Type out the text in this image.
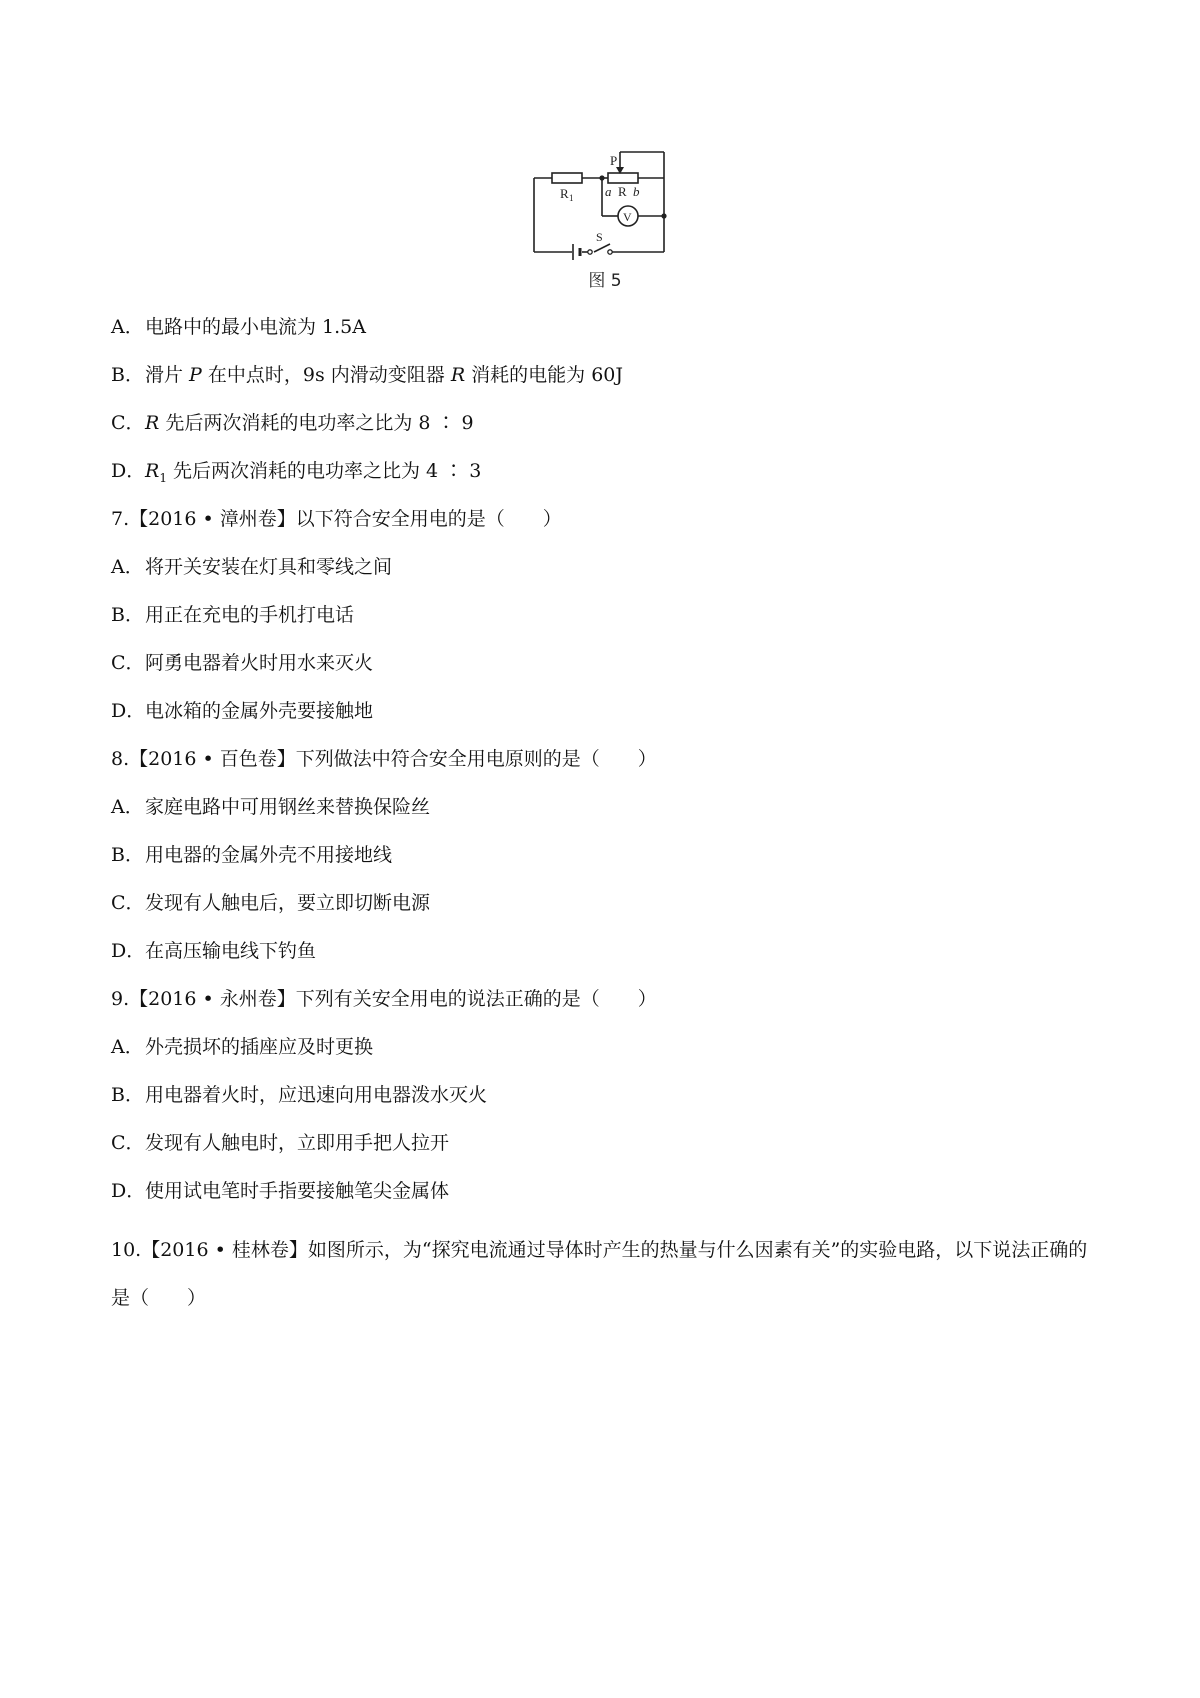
R 1
P
a R b
V
S
图 5
A． 电路中的最小电流为 1.5A
B． 滑片 P 在中点时，9s 内滑动变阻器 R 消耗的电能为 60J
C． R 先后两次消耗的电功率之比为 8 ∶ 9
D． $R_1$ 先后两次消耗的电功率之比为 4 ∶ 3
7.【2016 • 漳州卷】以下符合安全用电的是（　　）
A． 将开关安装在灯具和零线之间
B． 用正在充电的手机打电话
C． 阿勇电器着火时用水来灭火
D． 电冰箱的金属外壳要接触地
8.【2016 • 百色卷】下列做法中符合安全用电原则的是（　　）
A． 家庭电路中可用钢丝来替换保险丝
B． 用电器的金属外壳不用接地线
C． 发现有人触电后，要立即切断电源
D． 在高压输电线下钓鱼
9.【2016 • 永州卷】下列有关安全用电的说法正确的是（　　）
A． 外壳损坏的插座应及时更换
B． 用电器着火时，应迅速向用电器泼水灭火
C． 发现有人触电时，立即用手把人拉开
D． 使用试电笔时手指要接触笔尖金属体
10.【2016 • 桂林卷】如图所示，为“探究电流通过导体时产生的热量与什么因素有关”的实验电路，以下说法正确的是（　　）
